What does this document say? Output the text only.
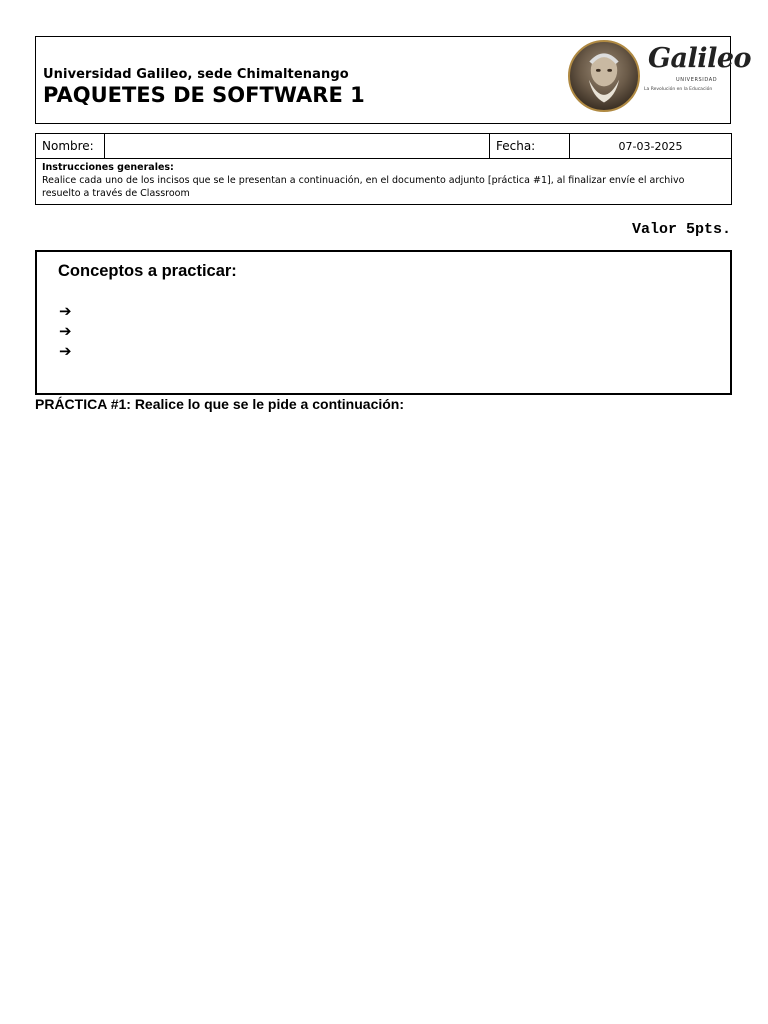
Universidad Galileo, sede Chimaltenango
PAQUETES DE SOFTWARE 1
Galileo
UNIVERSIDAD
La Revolución en la Educación
Nombre:		Fecha:	07-03-2025

Instrucciones generales:
Realice cada uno de los incisos que se le presentan a continuación, en el documento adjunto [práctica #1], al finalizar envíe el archivo resuelto a través de Classroom
Valor 5pts.
Conceptos a practicar:
➔
➔
➔
PRÁCTICA #1: Realice lo que se le pide a continuación:
